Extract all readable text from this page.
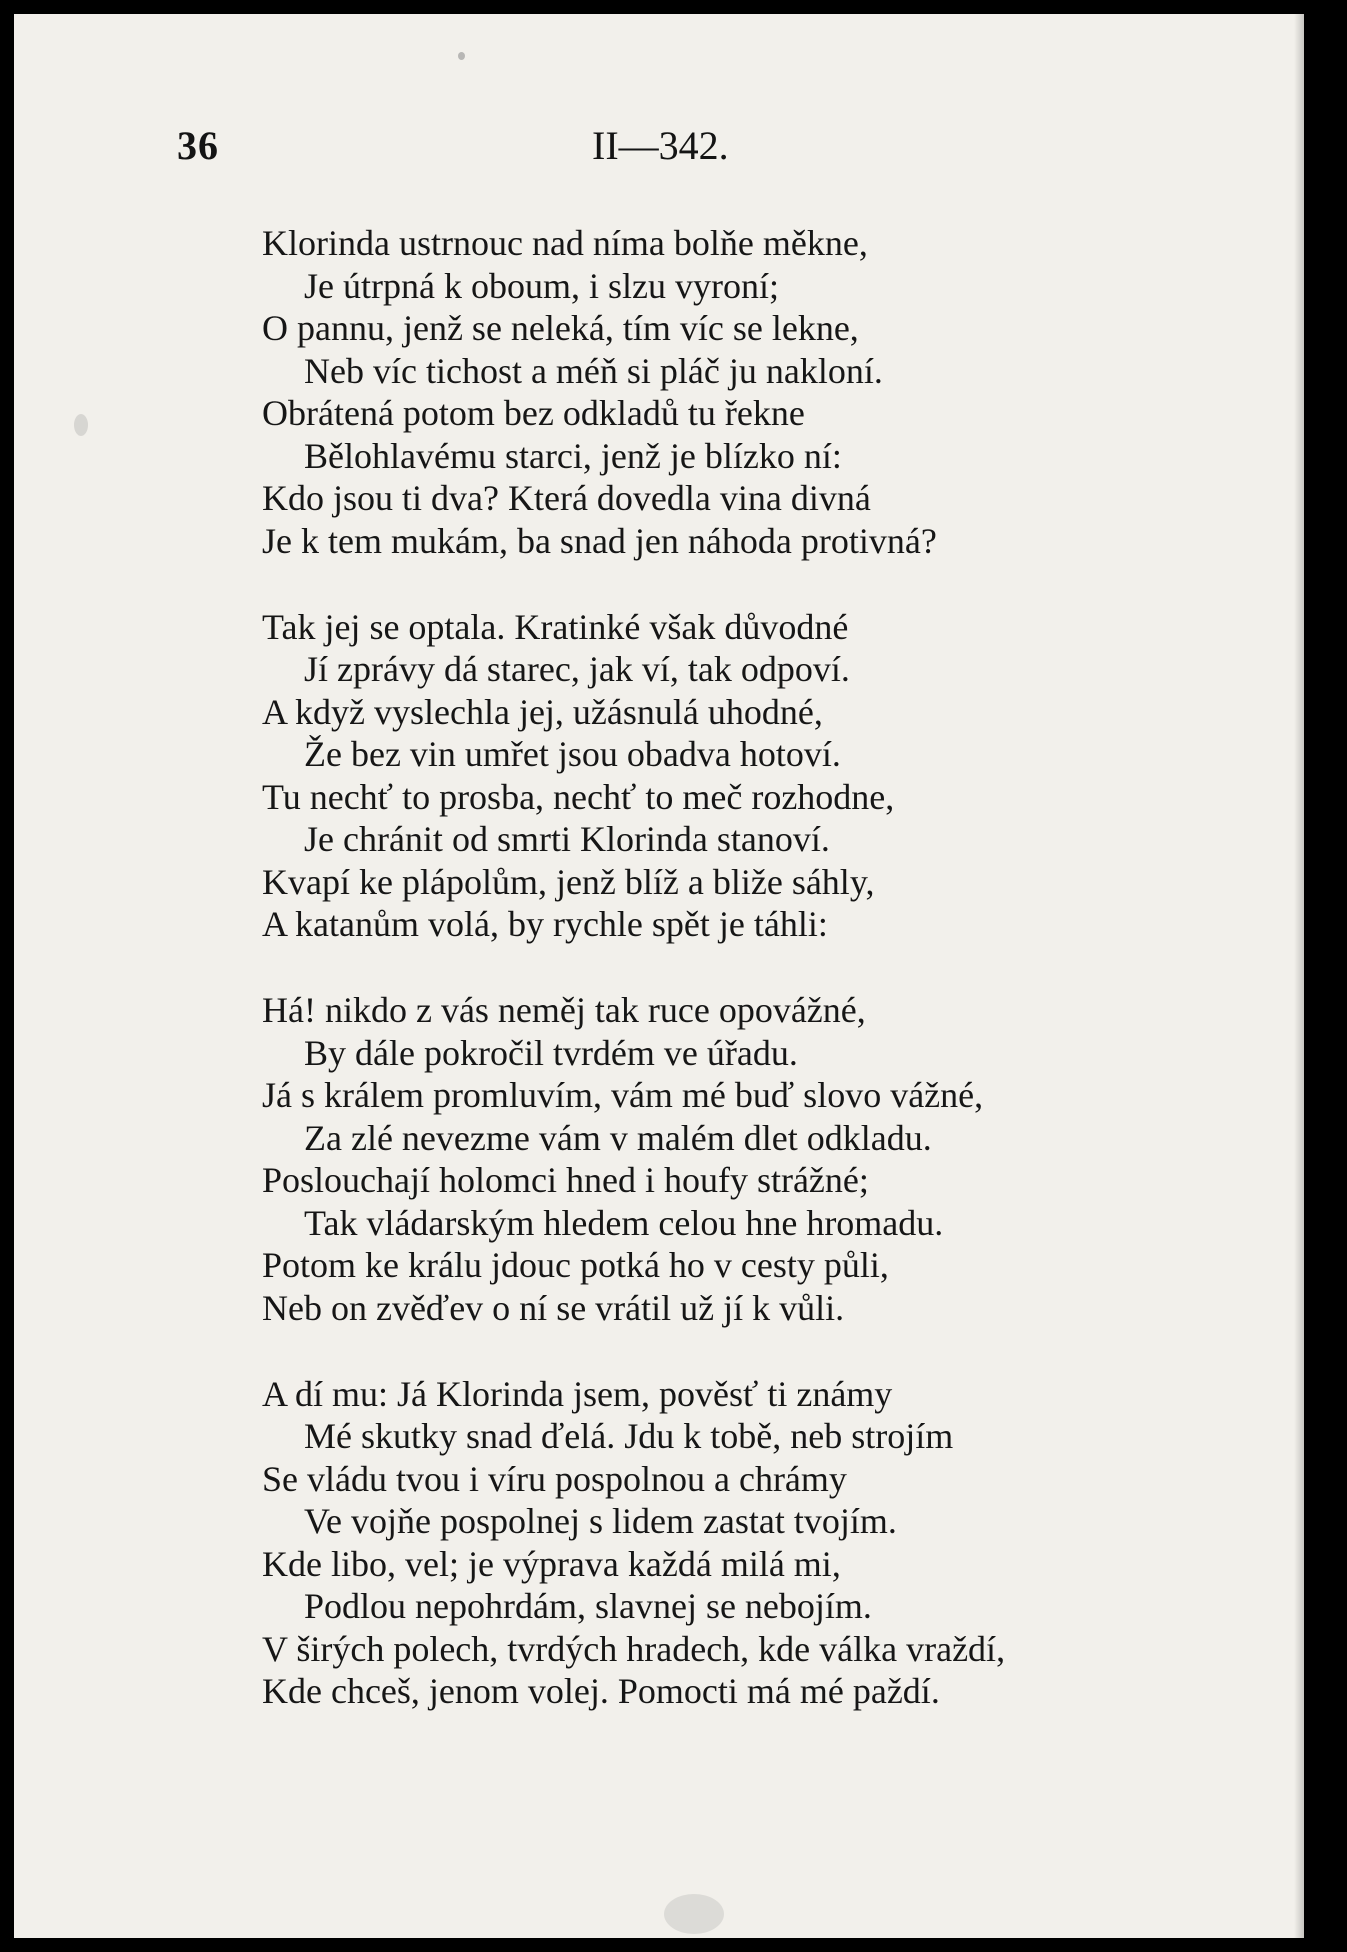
36	II—342.
Klorinda ustrnouc nad níma bolňe měkne,
Je útrpná k oboum, i slzu vyroní;
O pannu, jenž se neleká, tím víc se lekne,
Neb víc tichost a méň si pláč ju nakloní.
Obrátená potom bez odkladů tu řekne
Bělohlavému starci, jenž je blízko ní:
Kdo jsou ti dva? Která dovedla vina divná
Je k tem mukám, ba snad jen náhoda protivná?
Tak jej se optala. Kratinké však důvodné
Jí zprávy dá starec, jak ví, tak odpoví.
A když vyslechla jej, užásnulá uhodné,
Že bez vin umřet jsou obadva hotoví.
Tu nechť to prosba, nechť to meč rozhodne,
Je chránit od smrti Klorinda stanoví.
Kvapí ke plápolům, jenž blíž a bliže sáhly,
A katanům volá, by rychle spět je táhli:
Há! nikdo z vás neměj tak ruce opovážné,
By dále pokročil tvrdém ve úřadu.
Já s králem promluvím, vám mé buď slovo vážné,
Za zlé nevezme vám v malém dlet odkladu.
Poslouchají holomci hned i houfy strážné;
Tak vládarským hledem celou hne hromadu.
Potom ke králu jdouc potká ho v cesty půli,
Neb on zvěďev o ní se vrátil už jí k vůli.
A dí mu: Já Klorinda jsem, pověsť ti známy
Mé skutky snad ďelá. Jdu k tobě, neb strojím
Se vládu tvou i víru pospolnou a chrámy
Ve vojňe pospolnej s lidem zastat tvojím.
Kde libo, vel; je výprava každá milá mi,
Podlou nepohrdám, slavnej se nebojím.
V širých polech, tvrdých hradech, kde válka vraždí,
Kde chceš, jenom volej. Pomocti má mé paždí.
